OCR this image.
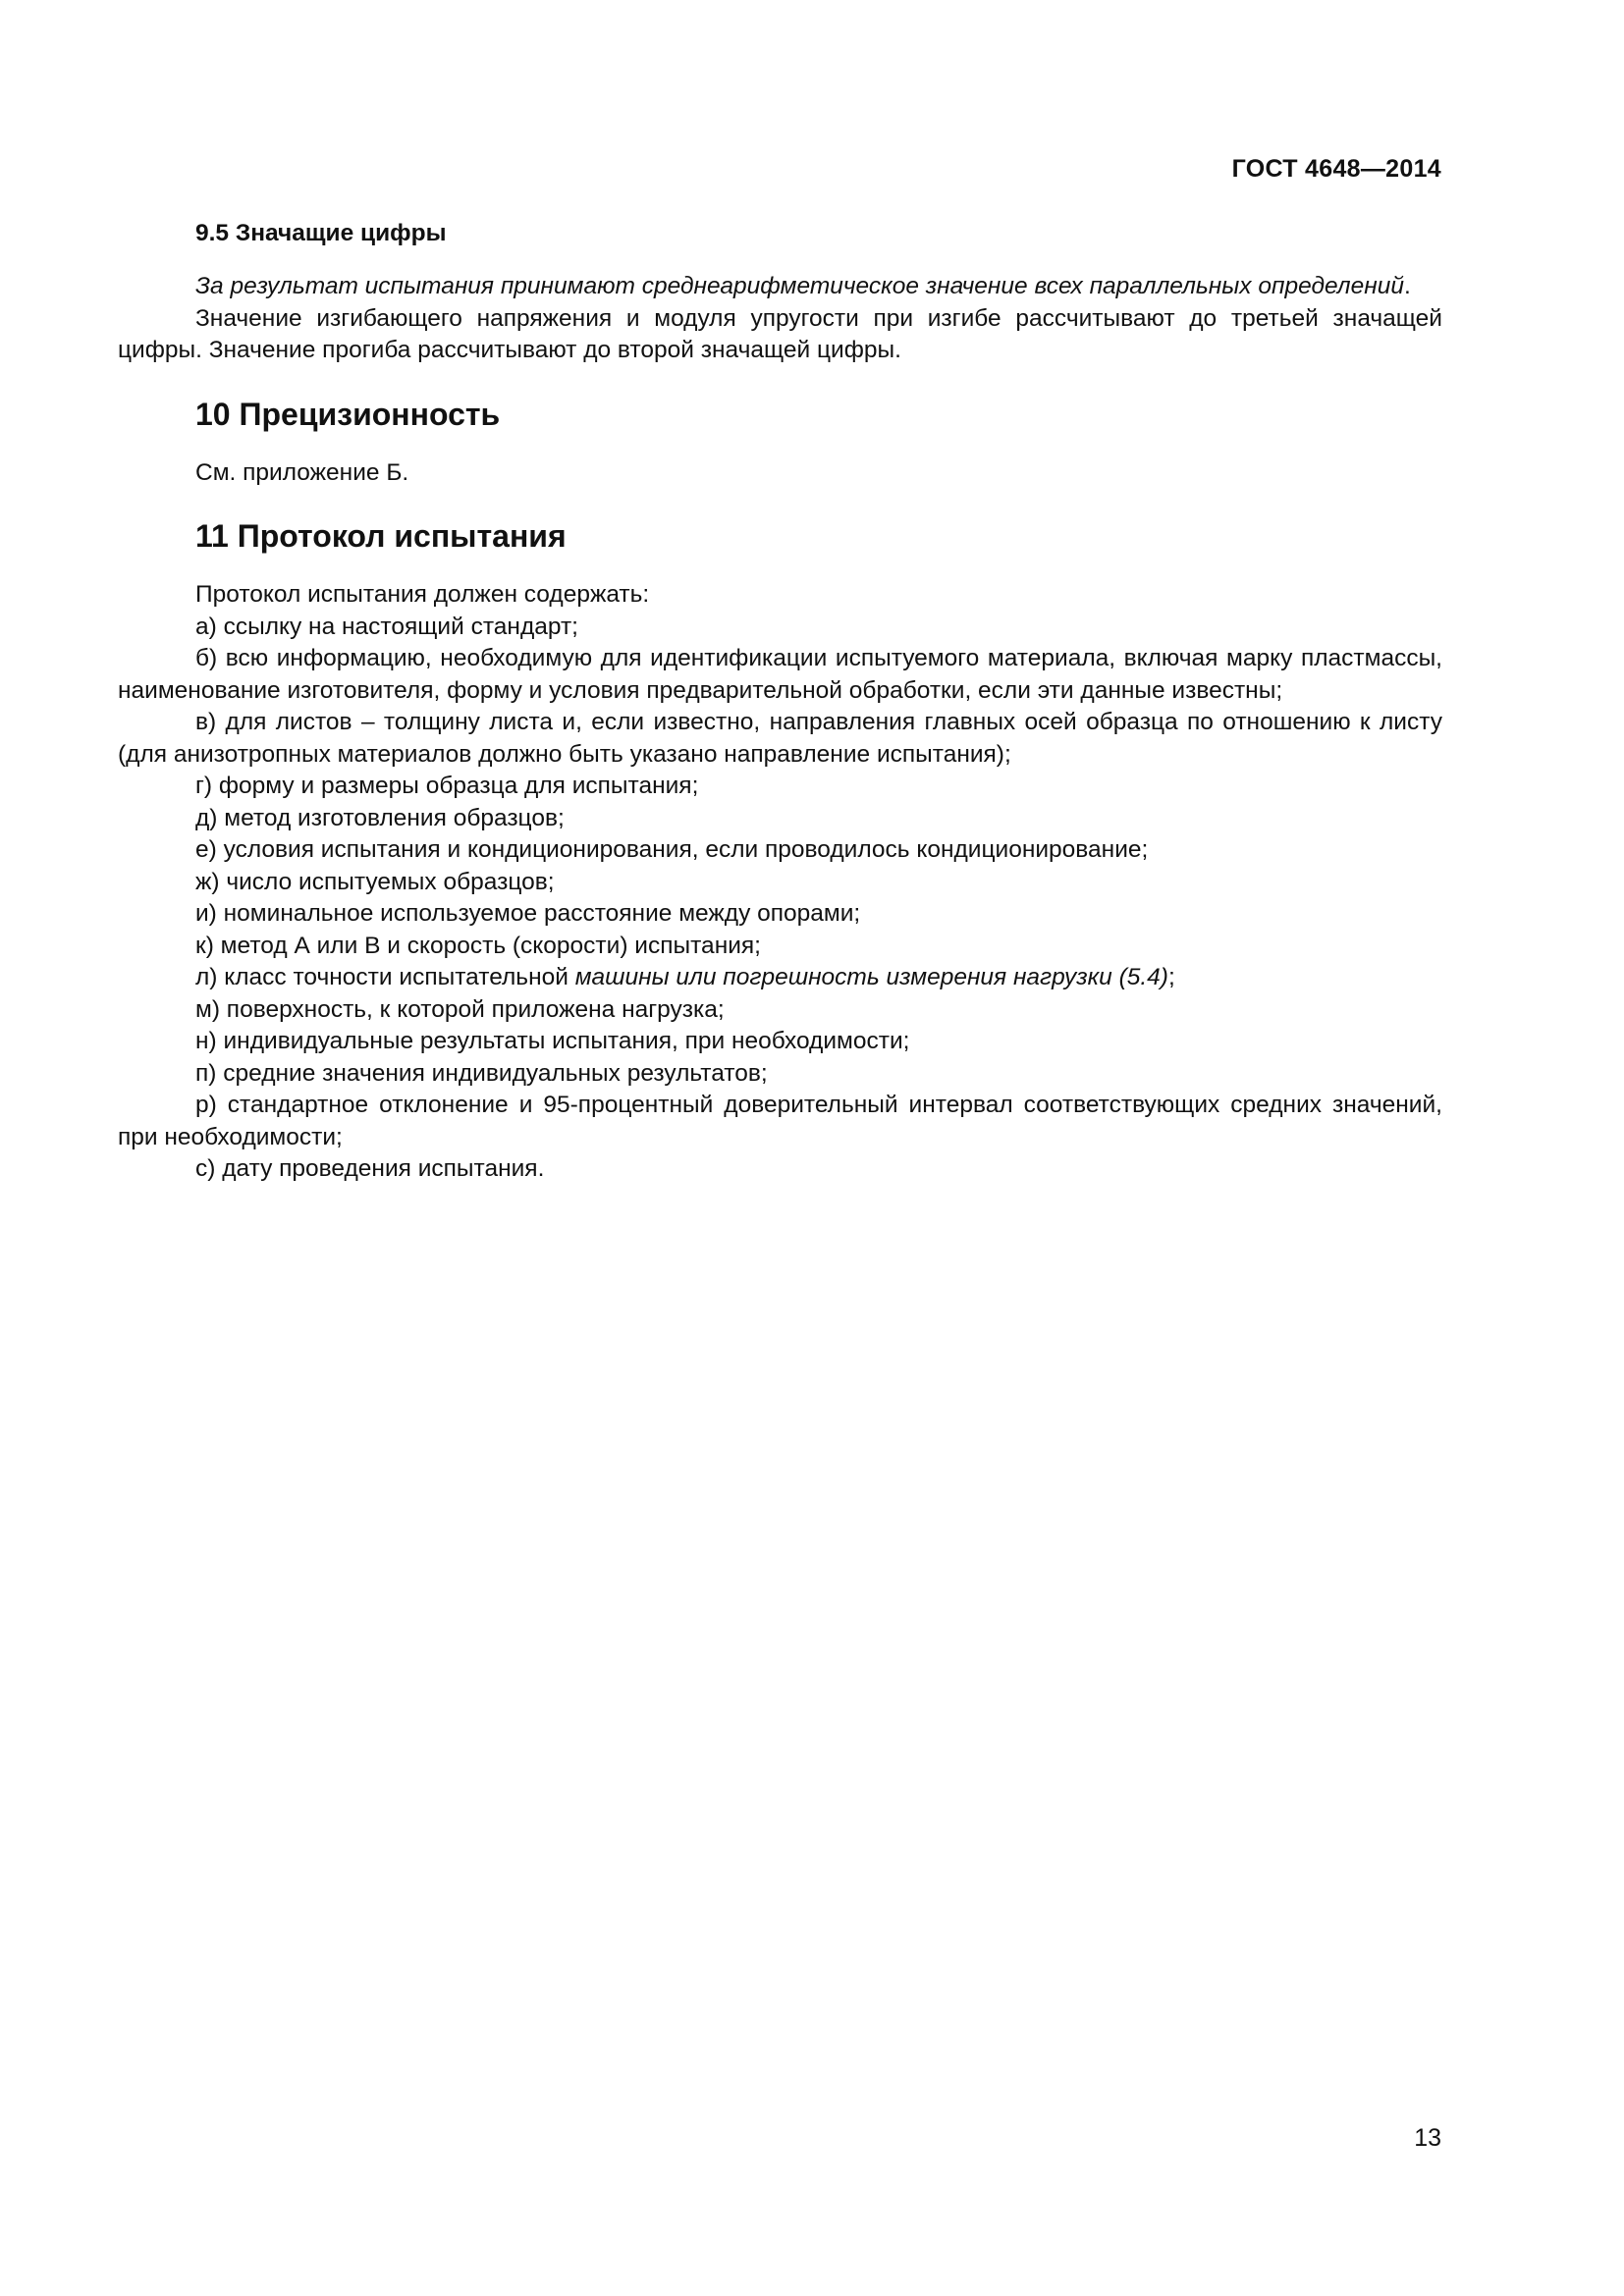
ГОСТ 4648—2014
9.5 Значащие цифры

За результат испытания принимают среднеарифметическое значение всех параллельных определений.

Значение изгибающего напряжения и модуля упругости при изгибе рассчитывают до третьей значащей цифры. Значение прогиба рассчитывают до второй значащей цифры.

10 Прецизионность

См. приложение Б.

11 Протокол испытания

Протокол испытания должен содержать:

а) ссылку на настоящий стандарт;

б) всю информацию, необходимую для идентификации испытуемого материала, включая марку пластмассы, наименование изготовителя, форму и условия предварительной обработки, если эти данные известны;

в) для листов – толщину листа и, если известно, направления главных осей образца по отношению к листу (для анизотропных материалов должно быть указано направление испытания);

г) форму и размеры образца для испытания;

д) метод изготовления образцов;

е) условия испытания и кондиционирования, если проводилось кондиционирование;

ж) число испытуемых образцов;

и) номинальное используемое расстояние между опорами;

к) метод А или В и скорость (скорости) испытания;

л) класс точности испытательной машины или погрешность измерения нагрузки (5.4);

м) поверхность, к которой приложена нагрузка;

н) индивидуальные результаты испытания, при необходимости;

п) средние значения индивидуальных результатов;

р) стандартное отклонение и 95-процентный доверительный интервал соответствующих средних значений, при необходимости;

с) дату проведения испытания.

13
